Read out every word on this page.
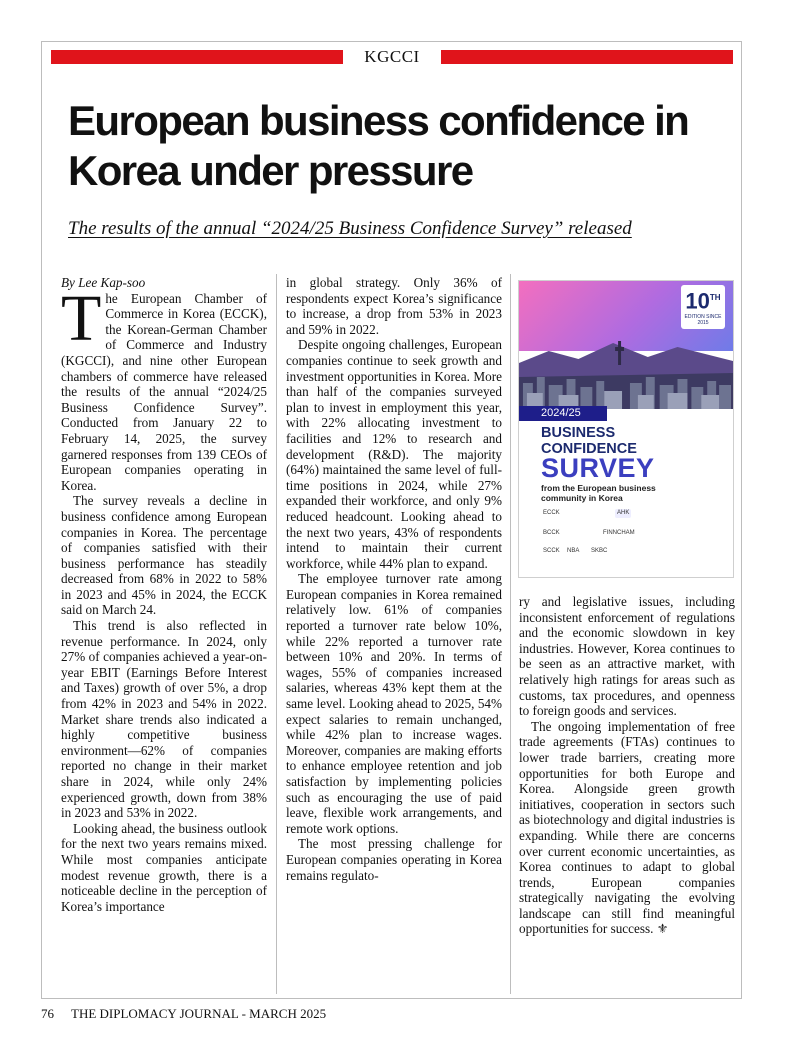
KGCCI
European business confidence in Korea under pressure

The results of the annual “2024/25 Business Confidence Survey” released

By Lee Kap-soo

The European Chamber of Commerce in Korea (ECCK), the Korean-German Chamber of Commerce and Industry (KGCCI), and nine other European chambers of commerce have released the results of the annual “2024/25 Business Confidence Survey”. Conducted from January 22 to February 14, 2025, the survey garnered responses from 139 CEOs of European companies operating in Korea.

The survey reveals a decline in business confidence among European companies in Korea. The percentage of companies satisfied with their business performance has steadily decreased from 68% in 2022 to 58% in 2023 and 45% in 2024, the ECCK said on March 24.

This trend is also reflected in revenue performance. In 2024, only 27% of companies achieved a year-on-year EBIT (Earnings Before Interest and Taxes) growth of over 5%, a drop from 42% in 2023 and 54% in 2022. Market share trends also indicated a highly competitive business environment—62% of companies reported no change in their market share in 2024, while only 24% experienced growth, down from 38% in 2023 and 53% in 2022.

Looking ahead, the business outlook for the next two years remains mixed. While most companies anticipate modest revenue growth, there is a noticeable decline in the perception of Korea’s importance

in global strategy. Only 36% of respondents expect Korea’s significance to increase, a drop from 53% in 2023 and 59% in 2022.

Despite ongoing challenges, European companies continue to seek growth and investment opportunities in Korea. More than half of the companies surveyed plan to invest in employment this year, with 22% allocating investment to facilities and 12% to research and development (R&D). The majority (64%) maintained the same level of full-time positions in 2024, while 27% expanded their workforce, and only 9% reduced headcount. Looking ahead to the next two years, 43% of respondents intend to maintain their current workforce, while 44% plan to expand.

The employee turnover rate among European companies in Korea remained relatively low. 61% of companies reported a turnover rate below 10%, while 22% reported a turnover rate between 10% and 20%. In terms of wages, 55% of companies increased salaries, whereas 43% kept them at the same level. Looking ahead to 2025, 54% expect salaries to remain unchanged, while 42% plan to increase wages. Moreover, companies are making efforts to enhance employee retention and job satisfaction by implementing policies such as encouraging the use of paid leave, flexible work arrangements, and remote work options.

The most pressing challenge for European companies operating in Korea remains regulato-

10TH
EDITION SINCE 2015
2024/25
BUSINESS
CONFIDENCE
SURVEY
from the European business community in Korea
ECCK	AHK
BCCK	FINNCHAM
SCCK	NBA	SKBC

ry and legislative issues, including inconsistent enforcement of regulations and the economic slowdown in key industries. However, Korea continues to be seen as an attractive market, with relatively high ratings for areas such as customs, tax procedures, and openness to foreign goods and services.

The ongoing implementation of free trade agreements (FTAs) continues to lower trade barriers, creating more opportunities for both Europe and Korea. Alongside green growth initiatives, cooperation in sectors such as biotechnology and digital industries is expanding. While there are concerns over current economic uncertainties, as Korea continues to adapt to global trends, European companies strategically navigating the evolving landscape can still find meaningful opportunities for success. ⚜

76 THE DIPLOMACY JOURNAL - MARCH 2025
